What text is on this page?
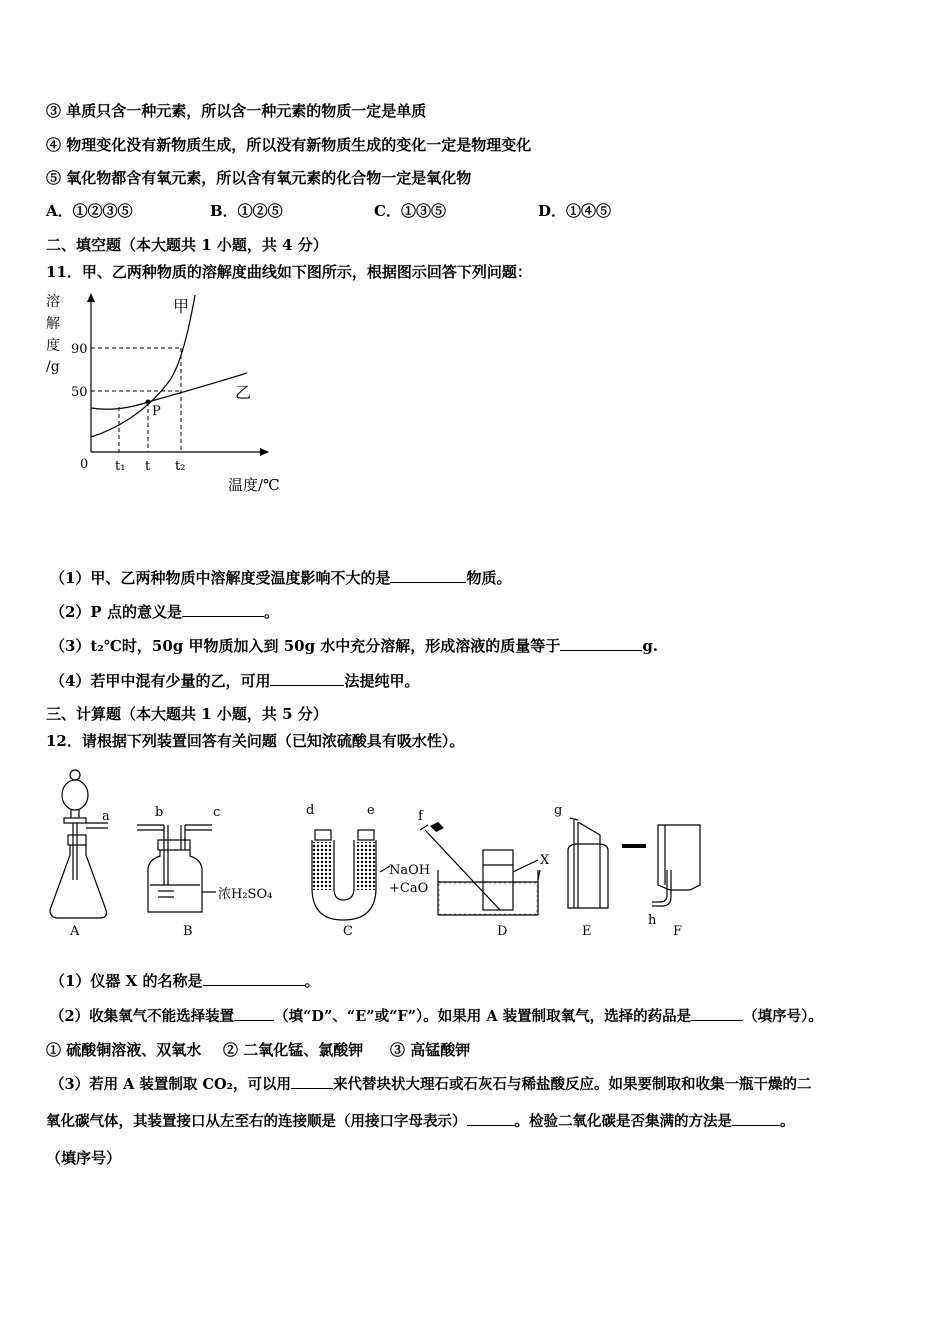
③ 单质只含一种元素，所以含一种元素的物质一定是单质
④ 物理变化没有新物质生成，所以没有新物质生成的变化一定是物理变化
⑤ 氧化物都含有氧元素，所以含有氧元素的化合物一定是氧化物
A．①②③⑤	B．①②⑤	C．①③⑤	D．①④⑤
二、填空题（本大题共 1 小题，共 4 分）
11．甲、乙两种物质的溶解度曲线如下图所示，根据图示回答下列问题：
溶
解
度
/g
90
50
0 t₁ t t₂
P
甲
乙
温度/℃
（1）甲、乙两种物质中溶解度受温度影响不大的是	物质。
（2）P 点的意义是	。
（3）t₂℃时，50g 甲物质加入到 50g 水中充分溶解，形成溶液的质量等于	g.
（4）若甲中混有少量的乙，可用	法提纯甲。
三、计算题（本大题共 1 小题，共 5 分）
12．请根据下列装置回答有关问题（已知浓硫酸具有吸水性）。
A	B	C	D	E	F
a	b	c	d	e	f	g
h
X
浓H₂SO₄
NaOH
+CaO
（1）仪器 X 的名称是	。
（2）收集氧气不能选择装置	（填“D”、“E”或“F”）。如果用 A 装置制取氧气，选择的药品是	（填序号）。
① 硫酸铜溶液、双氧水 ② 二氧化锰、氯酸钾 ③ 高锰酸钾
（3）若用 A 装置制取 CO₂，可以用	来代替块状大理石或石灰石与稀盐酸反应。如果要制取和收集一瓶干燥的二
氧化碳气体，其装置接口从左至右的连接顺是（用接口字母表示）	。检验二氧化碳是否集满的方法是	。
（填序号）
